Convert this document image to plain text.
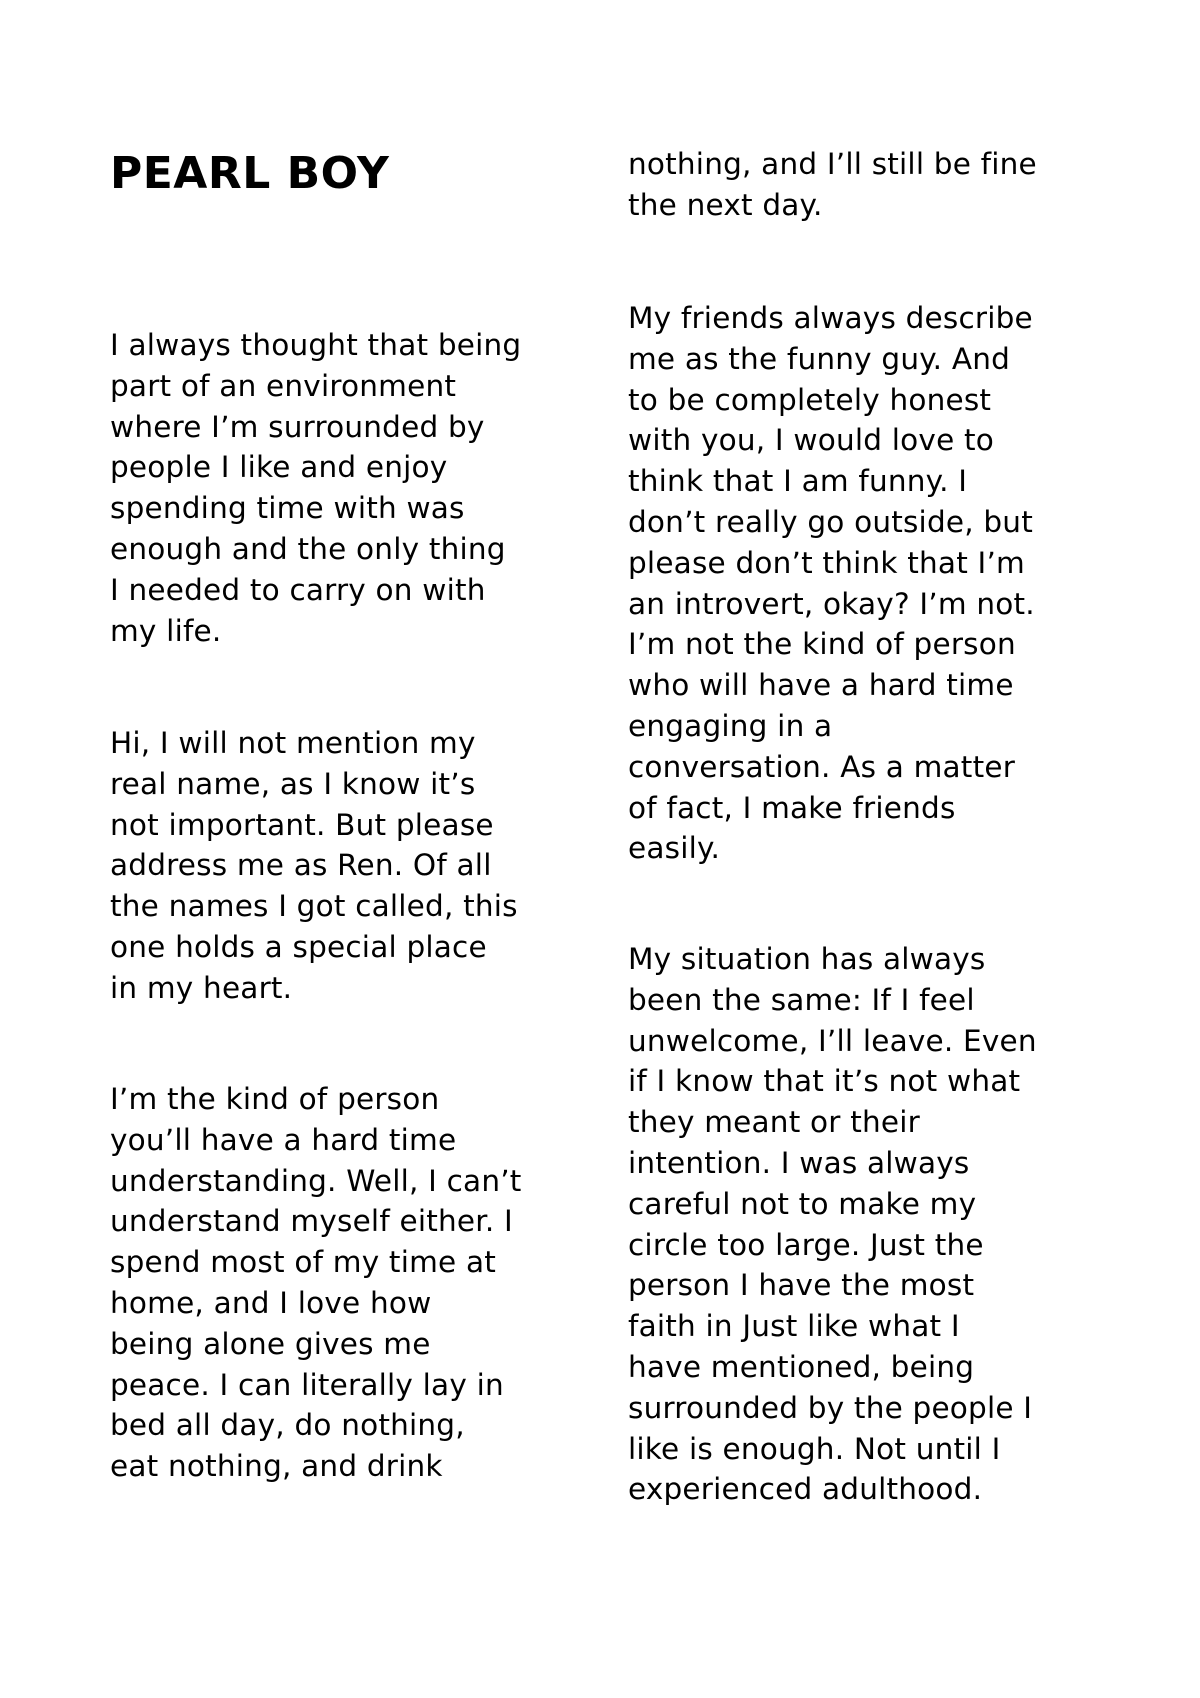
PEARL BOY

I always thought that being
part of an environment
where I’m surrounded by
people I like and enjoy
spending time with was
enough and the only thing
I needed to carry on with
my life.

Hi, I will not mention my
real name, as I know it’s
not important. But please
address me as Ren. Of all
the names I got called, this
one holds a special place
in my heart.

I’m the kind of person
you’ll have a hard time
understanding. Well, I can’t
understand myself either. I
spend most of my time at
home, and I love how
being alone gives me
peace. I can literally lay in
bed all day, do nothing,
eat nothing, and drink

nothing, and I’ll still be fine
the next day.

My friends always describe
me as the funny guy. And
to be completely honest
with you, I would love to
think that I am funny. I
don’t really go outside, but
please don’t think that I’m
an introvert, okay? I’m not.
I’m not the kind of person
who will have a hard time
engaging in a
conversation. As a matter
of fact, I make friends
easily.

My situation has always
been the same: If I feel
unwelcome, I’ll leave. Even
if I know that it’s not what
they meant or their
intention. I was always
careful not to make my
circle too large. Just the
person I have the most
faith in Just like what I
have mentioned, being
surrounded by the people I
like is enough. Not until I
experienced adulthood.
